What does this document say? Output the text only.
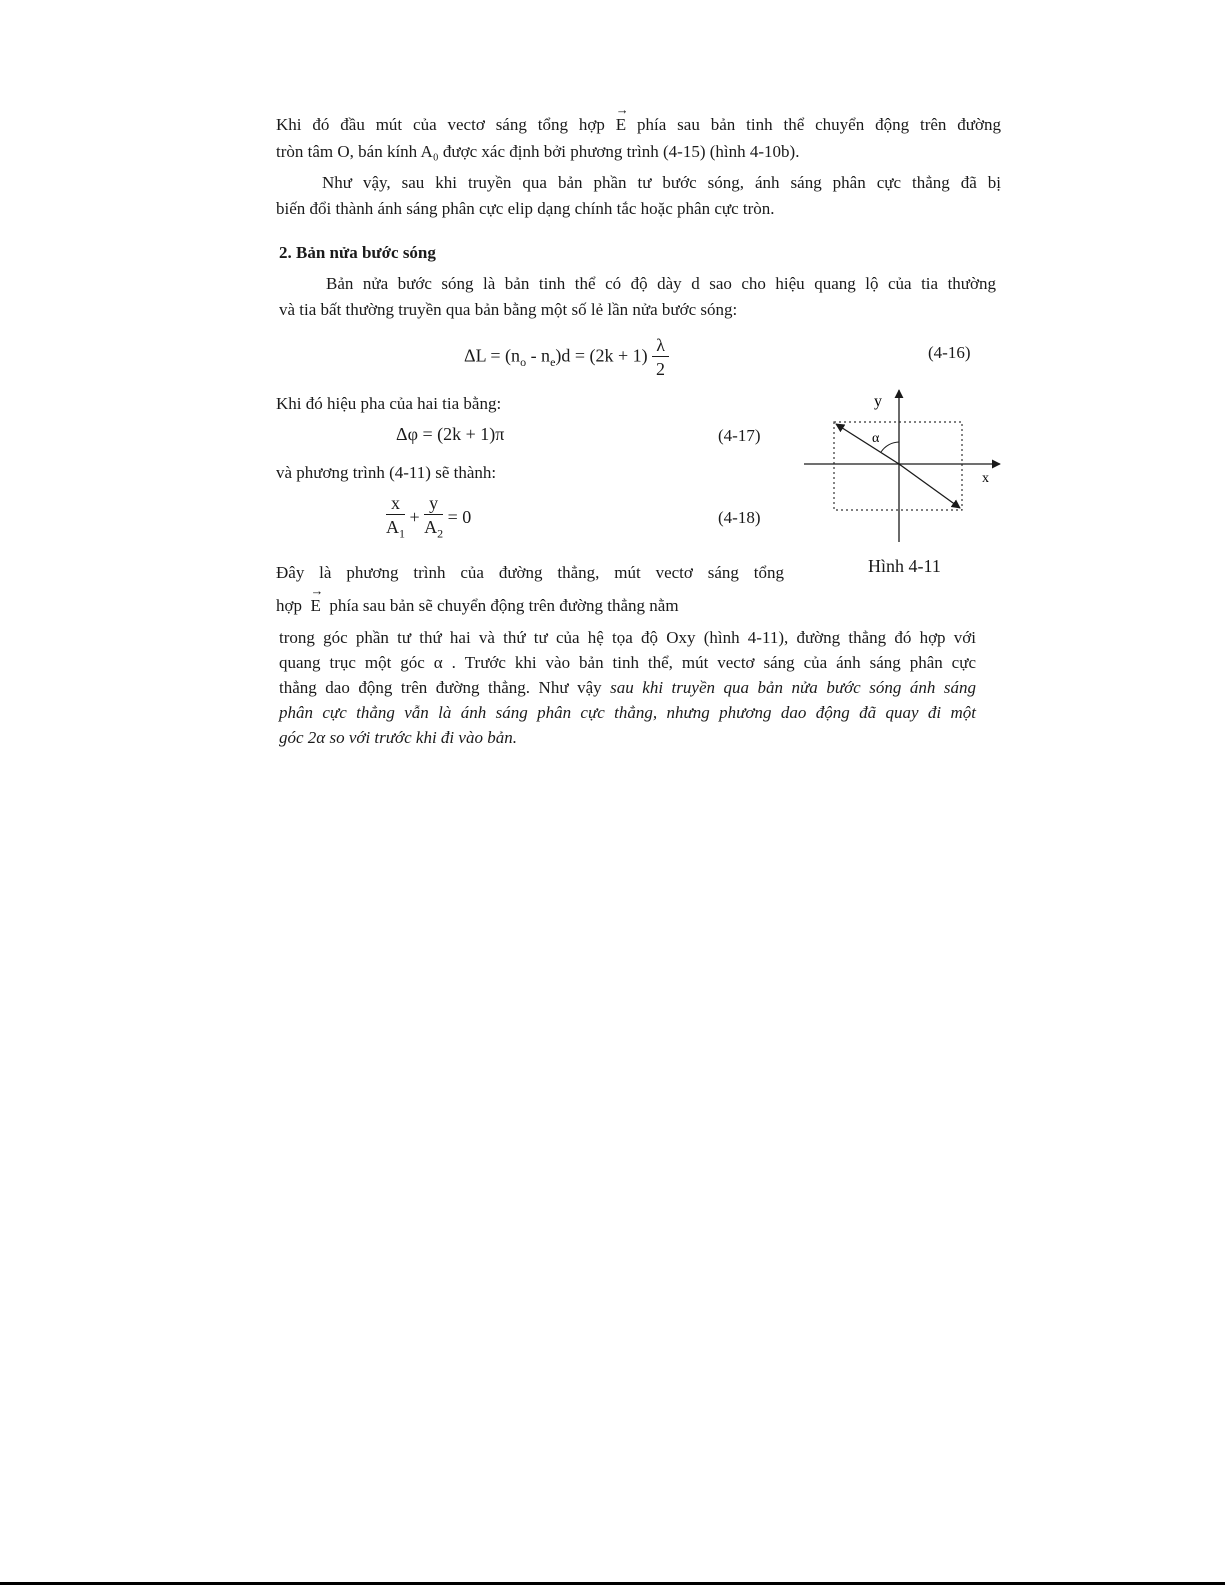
Khi đó đầu mút của vectơ sáng tổng hợp → E phía sau bản tinh thể chuyển động trên đường
tròn tâm O, bán kính A₀ được xác định bởi phương trình (4-15) (hình 4-10b).
Như vậy, sau khi truyền qua bản phần tư bước sóng, ánh sáng phân cực thẳng đã bị
biến đổi thành ánh sáng phân cực elip dạng chính tắc hoặc phân cực tròn.
2. Bản nửa bước sóng
Bản nửa bước sóng là bản tinh thể có độ dày d sao cho hiệu quang lộ của tia thường
và tia bất thường truyền qua bản bằng một số lẻ lần nửa bước sóng:
$\Delta L = (n_o - n_e)d = (2k + 1) \frac{\lambda}{2}$	(4-16)
Khi đó hiệu pha của hai tia bằng:
Δφ = (2k + 1)π	(4-17)
và phương trình (4-11) sẽ thành:
$\frac{x}{A_1} + \frac{y}{A_2} = 0$	(4-18)
Đây là phương trình của đường thẳng, mút vectơ sáng tổng
hợp → E phía sau bản sẽ chuyển động trên đường thẳng nằm
trong góc phần tư thứ hai và thứ tư của hệ tọa độ Oxy (hình 4-11), đường thẳng đó hợp với
quang trục một góc α . Trước khi vào bản tinh thể, mút vectơ sáng của ánh sáng phân cực
thẳng dao động trên đường thẳng. Như vậy sau khi truyền qua bản nửa bước sóng ánh sáng
phân cực thẳng vẫn là ánh sáng phân cực thẳng, nhưng phương dao động đã quay đi một
góc 2α so với trước khi đi vào bản.
y
x
α
Hình 4-11
